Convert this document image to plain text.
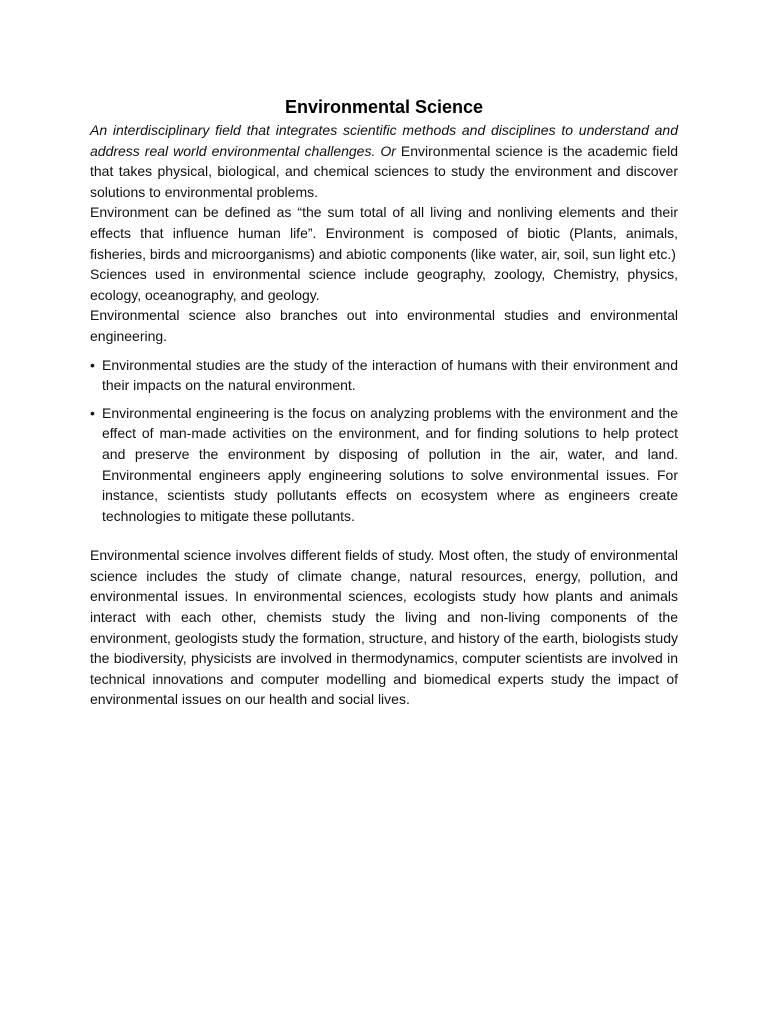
Environmental Science

An interdisciplinary field that integrates scientific methods and disciplines to understand and address real world environmental challenges. Or Environmental science is the academic field that takes physical, biological, and chemical sciences to study the environment and discover solutions to environmental problems.

Environment can be defined as “the sum total of all living and nonliving elements and their effects that influence human life”. Environment is composed of biotic (Plants, animals, fisheries, birds and microorganisms) and abiotic components (like water, air, soil, sun light etc.)

Sciences used in environmental science include geography, zoology, Chemistry, physics, ecology, oceanography, and geology.

Environmental science also branches out into environmental studies and environmental engineering.

• Environmental studies are the study of the interaction of humans with their environment and their impacts on the natural environment.
• Environmental engineering is the focus on analyzing problems with the environment and the effect of man-made activities on the environment, and for finding solutions to help protect and preserve the environment by disposing of pollution in the air, water, and land. Environmental engineers apply engineering solutions to solve environmental issues. For instance, scientists study pollutants effects on ecosystem where as engineers create technologies to mitigate these pollutants.

Environmental science involves different fields of study. Most often, the study of environmental science includes the study of climate change, natural resources, energy, pollution, and environmental issues. In environmental sciences, ecologists study how plants and animals interact with each other, chemists study the living and non-living components of the environment, geologists study the formation, structure, and history of the earth, biologists study the biodiversity, physicists are involved in thermodynamics, computer scientists are involved in technical innovations and computer modelling and biomedical experts study the impact of environmental issues on our health and social lives.
